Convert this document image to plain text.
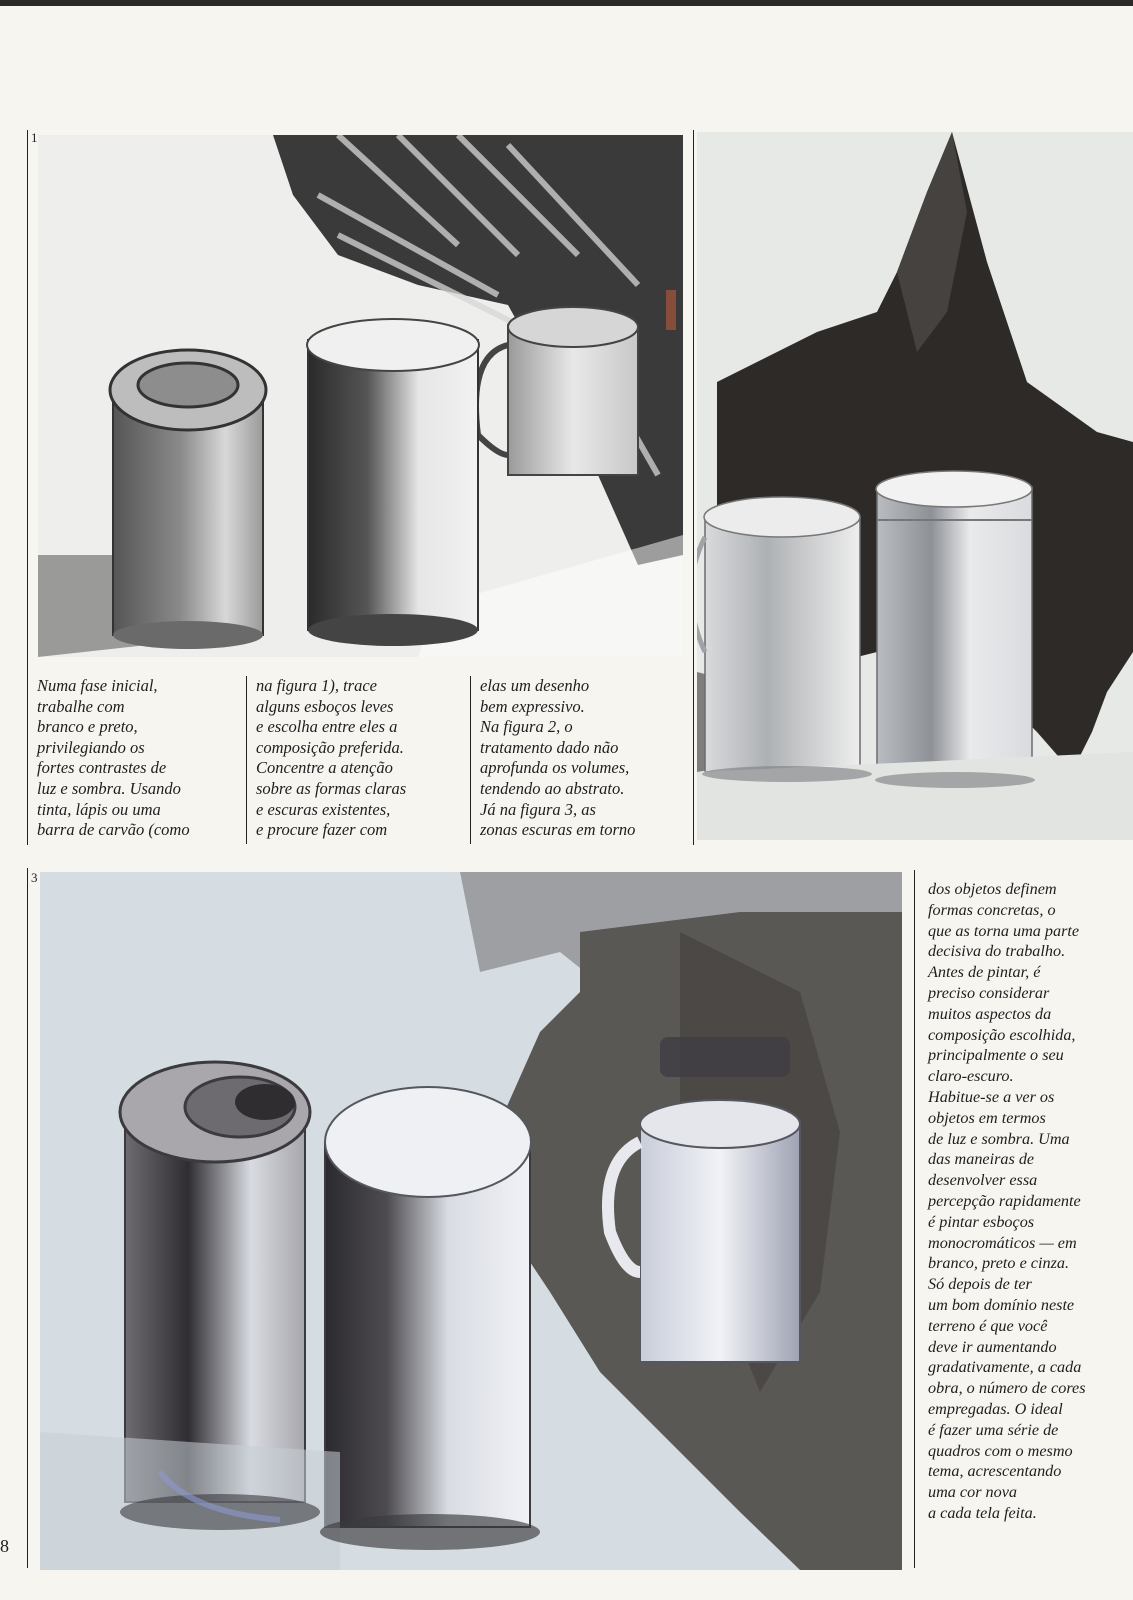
1
3
Numa fase inicial,
trabalhe com
branco e preto,
privilegiando os
fortes contrastes de
luz e sombra. Usando
tinta, lápis ou uma
barra de carvão (como
na figura 1), trace
alguns esboços leves
e escolha entre eles a
composição preferida.
Concentre a atenção
sobre as formas claras
e escuras existentes,
e procure fazer com
elas um desenho
bem expressivo.
Na figura 2, o
tratamento dado não
aprofunda os volumes,
tendendo ao abstrato.
Já na figura 3, as
zonas escuras em torno
dos objetos definem
formas concretas, o
que as torna uma parte
decisiva do trabalho.
Antes de pintar, é
preciso considerar
muitos aspectos da
composição escolhida,
principalmente o seu
claro-escuro.
Habitue-se a ver os
objetos em termos
de luz e sombra. Uma
das maneiras de
desenvolver essa
percepção rapidamente
é pintar esboços
monocromáticos — em
branco, preto e cinza.
Só depois de ter
um bom domínio neste
terreno é que você
deve ir aumentando
gradativamente, a cada
obra, o número de cores
empregadas. O ideal
é fazer uma série de
quadros com o mesmo
tema, acrescentando
uma cor nova
a cada tela feita.
8
